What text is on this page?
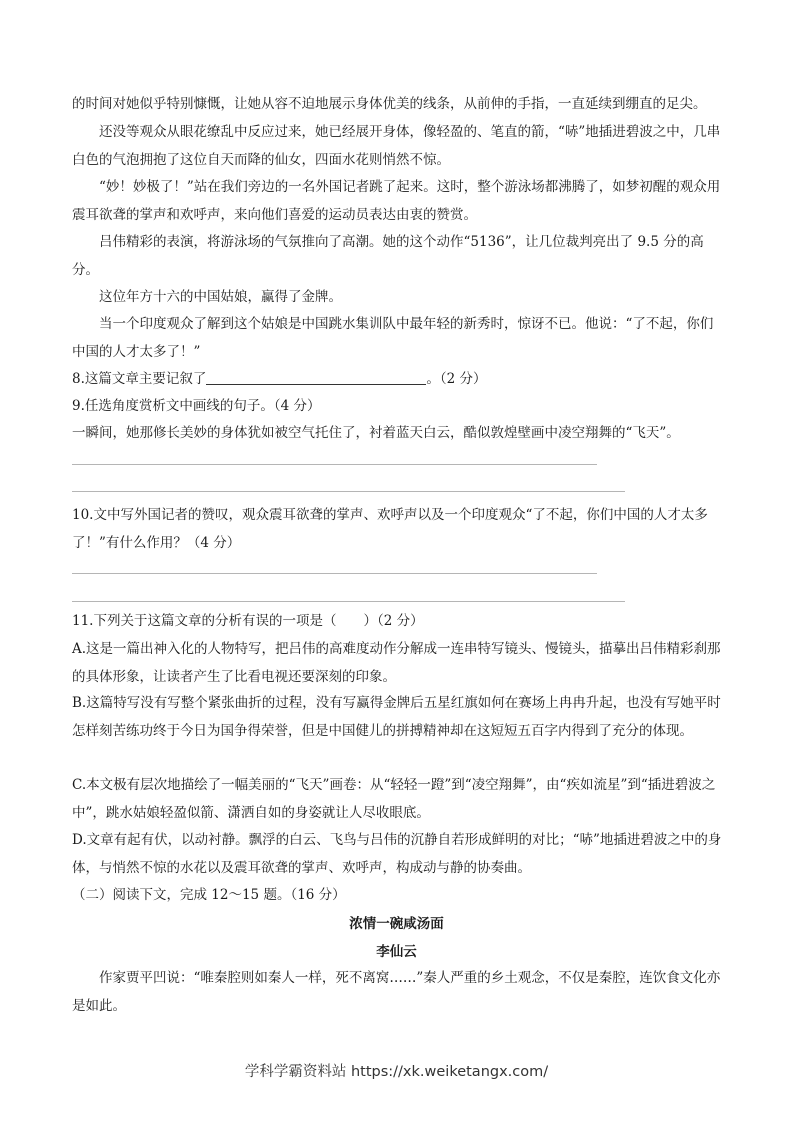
的时间对她似乎特别慷慨，让她从容不迫地展示身体优美的线条，从前伸的手指，一直延续到绷直的足尖。

还没等观众从眼花缭乱中反应过来，她已经展开身体，像轻盈的、笔直的箭，“哧”地插进碧波之中，几串白色的气泡拥抱了这位自天而降的仙女，四面水花则悄然不惊。

“妙！妙极了！”站在我们旁边的一名外国记者跳了起来。这时，整个游泳场都沸腾了，如梦初醒的观众用震耳欲聋的掌声和欢呼声，来向他们喜爱的运动员表达由衷的赞赏。

吕伟精彩的表演，将游泳场的气氛推向了高潮。她的这个动作“5136”，让几位裁判亮出了 9.5 分的高分。

这位年方十六的中国姑娘，赢得了金牌。

当一个印度观众了解到这个姑娘是中国跳水集训队中最年轻的新秀时，惊讶不已。他说：“了不起，你们中国的人才太多了！”

8.这篇文章主要记叙了	。（2 分）

9.任选角度赏析文中画线的句子。（4 分）

一瞬间，她那修长美妙的身体犹如被空气托住了，衬着蓝天白云，酷似敦煌壁画中凌空翔舞的“飞天”。

10.文中写外国记者的赞叹，观众震耳欲聋的掌声、欢呼声以及一个印度观众“了不起，你们中国的人才太多了！”有什么作用？（4 分）

11.下列关于这篇文章的分析有误的一项是（　　）（2 分）

A.这是一篇出神入化的人物特写，把吕伟的高难度动作分解成一连串特写镜头、慢镜头，描摹出吕伟精彩刹那的具体形象，让读者产生了比看电视还要深刻的印象。

B.这篇特写没有写整个紧张曲折的过程，没有写赢得金牌后五星红旗如何在赛场上冉冉升起，也没有写她平时怎样刻苦练功终于今日为国争得荣誉，但是中国健儿的拼搏精神却在这短短五百字内得到了充分的体现。

C.本文极有层次地描绘了一幅美丽的“飞天”画卷：从“轻轻一蹬”到“凌空翔舞”，由“疾如流星”到“插进碧波之中”，跳水姑娘轻盈似箭、潇洒自如的身姿就让人尽收眼底。

D.文章有起有伏，以动衬静。飘浮的白云、飞鸟与吕伟的沉静自若形成鲜明的对比；“哧”地插进碧波之中的身体，与悄然不惊的水花以及震耳欲聋的掌声、欢呼声，构成动与静的协奏曲。

（二）阅读下文，完成 12～15 题。（16 分）

浓情一碗咸汤面

李仙云

作家贾平凹说：“唯秦腔则如秦人一样，死不离窝……”秦人严重的乡土观念，不仅是秦腔，连饮食文化亦是如此。

学科学霸资料站 https://xk.weiketangx.com/
